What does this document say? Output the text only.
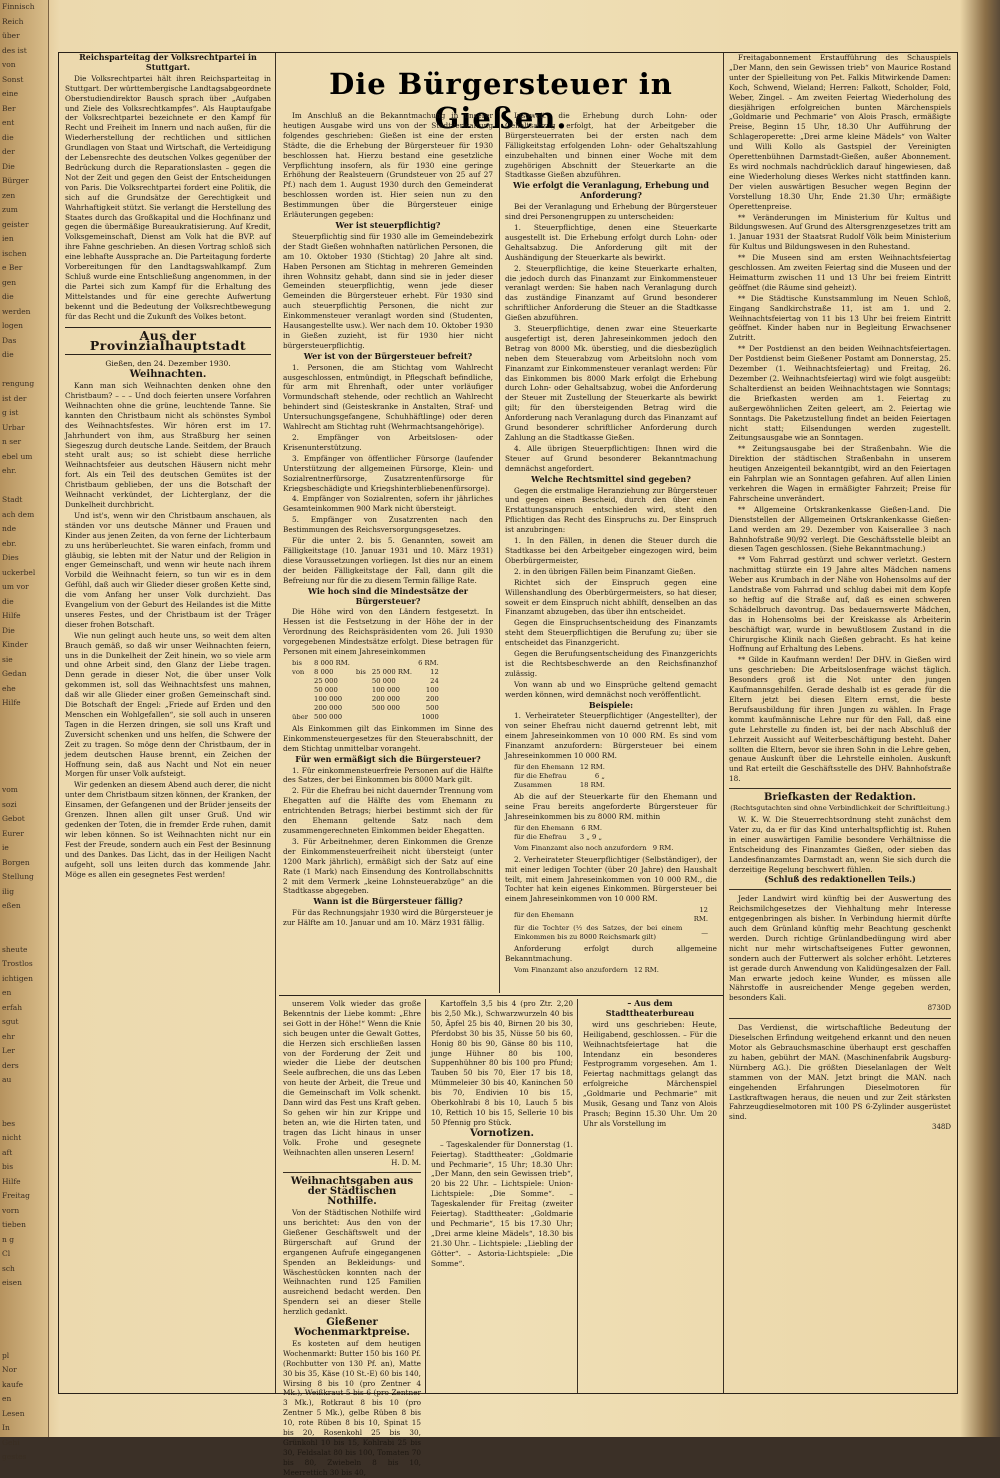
Finnisch

Reich

über

des ist

von

Sonst

eine

Ber

ent

die

der

Die

Bürger

zen

zum

geister

ien

ischen

e Ber

gen

die

werden

logen

Das

die

rengung

ist der

g ist

Urbar

n ser

ebel um

ehr.

Stadt

ach dem

nde

ebr.

Dies

uckerbel

um vor

die

Hilfe

Die

Kinder

sie

Gedan

ehe

Hilfe

vom

sozi

Gebot

Eurer

ie

Borgen

Stellung

ilig

eßen

sheute

Trostlos

ichtigen

en

erfah

sgut

ehr

Ler

ders

au

bes

nicht

aft

bis

Hilfe

Freitag

vorn

tieben

n g

Cl

sch

eisen

pl

Nor

kaufe

en

Lesen

In

Gehi

gestes

Reichsparteitag der Volksrechtpartei in Stuttgart.

Die Volksrechtpartei hält ihren Reichsparteitag in Stuttgart. Der württembergische Landtagsabgeordnete Oberstudiendirektor Bausch sprach über „Aufgaben und Ziele des Volksrechtkampfes“. Als Hauptaufgabe der Volksrechtpartei bezeichnete er den Kampf für Recht und Freiheit im Innern und nach außen, für die Wiederherstellung der rechtlichen und sittlichen Grundlagen von Staat und Wirtschaft, die Verteidigung der Lebensrechte des deutschen Volkes gegenüber der Bedrückung durch die Reparationslasten – gegen die Not der Zeit und gegen den Geist der Entscheidungen von Paris. Die Volksrechtpartei fordert eine Politik, die sich auf die Grundsätze der Gerechtigkeit und Wahrhaftigkeit stützt. Sie verlangt die Herstellung des Staates durch das Großkapital und die Hochfinanz und gegen die übermäßige Bureaukratisierung. Auf Kredit, Volksgemeinschaft, Dienst am Volk hat die BVP. auf ihre Fahne geschrieben. An diesen Vortrag schloß sich eine lebhafte Aussprache an. Die Parteitagung forderte Vorbereitungen für den Landtagswahlkampf. Zum Schluß wurde eine Entschließung angenommen, in der die Partei sich zum Kampf für die Erhaltung des Mittelstandes und für eine gerechte Aufwertung bekennt und die Bedeutung der Volksrechtbewegung für das Recht und die Zukunft des Volkes betont.

Aus der Provinzialhauptstadt

Gießen, den 24. Dezember 1930.

Weihnachten.

Kann man sich Weihnachten denken ohne den Christbaum? – – – Und doch feierten unsere Vorfahren Weihnachten ohne die grüne, leuchtende Tanne. Sie kannten den Christbaum nicht als schönstes Symbol des Weihnachtsfestes. Wir hören erst im 17. Jahrhundert von ihm, aus Straßburg her seinen Siegeszug durch deutsche Lande. Seitdem, der Brauch steht uralt aus; so ist schiebt diese herrliche Weihnachtsfeier aus deutschen Häusern nicht mehr fort. Als ein Teil des deutschen Gemütes ist der Christbaum geblieben, der uns die Botschaft der Weihnacht verkündet, der Lichterglanz, der die Dunkelheit durchbricht.

Und ist's, wenn wir den Christbaum anschauen, als ständen vor uns deutsche Männer und Frauen und Kinder aus jenen Zeiten, da von ferne der Lichterbaum zu uns herüberleuchtet. Sie waren einfach, fromm und gläubig, sie lebten mit der Natur und der Religion in enger Gemeinschaft, und wenn wir heute nach ihrem Vorbild die Weihnacht feiern, so tun wir es in dem Gefühl, daß auch wir Glieder dieser großen Kette sind, die vom Anfang her unser Volk durchzieht. Das Evangelium von der Geburt des Heilandes ist die Mitte unseres Festes, und der Christbaum ist der Träger dieser frohen Botschaft.

Wie nun gelingt auch heute uns, so weit dem alten Brauch gemäß, so daß wir unser Weihnachten feiern, uns in die Dunkelheit der Zeit hinein, wo so viele arm und ohne Arbeit sind, den Glanz der Liebe tragen. Denn gerade in dieser Not, die über unser Volk gekommen ist, soll das Weihnachtsfest uns mahnen, daß wir alle Glieder einer großen Gemeinschaft sind. Die Botschaft der Engel: „Friede auf Erden und den Menschen ein Wohlgefallen“, sie soll auch in unseren Tagen in die Herzen dringen, sie soll uns Kraft und Zuversicht schenken und uns helfen, die Schwere der Zeit zu tragen. So möge denn der Christbaum, der in jedem deutschen Hause brennt, ein Zeichen der Hoffnung sein, daß aus Nacht und Not ein neuer Morgen für unser Volk aufsteigt.

Wir gedenken an diesem Abend auch derer, die nicht unter dem Christbaum sitzen können, der Kranken, der Einsamen, der Gefangenen und der Brüder jenseits der Grenzen. Ihnen allen gilt unser Gruß. Und wir gedenken der Toten, die in fremder Erde ruhen, damit wir leben können. So ist Weihnachten nicht nur ein Fest der Freude, sondern auch ein Fest der Besinnung und des Dankes. Das Licht, das in der Heiligen Nacht aufgeht, soll uns leiten durch das kommende Jahr. Möge es allen ein gesegnetes Fest werden!

Die Bürgersteuer in Gießen.

Im Anschluß an die Bekanntmachung in unserer heutigen Ausgabe wird uns von der Stadtverwaltung folgendes geschrieben: Gießen ist eine der ersten Städte, die die Erhebung der Bürgersteuer für 1930 beschlossen hat. Hierzu bestand eine gesetzliche Verpflichtung insofern, als für 1930 eine geringe Erhöhung der Realsteuern (Grundsteuer von 25 auf 27 Pf.) nach dem 1. August 1930 durch den Gemeinderat beschlossen worden ist. Hier seien nun zu den Bestimmungen über die Bürgersteuer einige Erläuterungen gegeben:

Wer ist steuerpflichtig?

Steuerpflichtig sind für 1930 alle im Gemeindebezirk der Stadt Gießen wohnhaften natürlichen Personen, die am 10. Oktober 1930 (Stichtag) 20 Jahre alt sind. Haben Personen am Stichtag in mehreren Gemeinden ihren Wohnsitz gehabt, dann sind sie in jeder dieser Gemeinden steuerpflichtig, wenn jede dieser Gemeinden die Bürgersteuer erhebt. Für 1930 sind auch steuerpflichtig Personen, die nicht zur Einkommensteuer veranlagt worden sind (Studenten, Hausangestellte usw.). Wer nach dem 10. Oktober 1930 in Gießen zuzieht, ist für 1930 hier nicht bürgersteuerpflichtig.

Wer ist von der Bürgersteuer befreit?

1. Personen, die am Stichtag vom Wahlrecht ausgeschlossen, entmündigt, in Pflegschaft befindliche, für arm mit Ehrenhaft, oder unter vorläufiger Vormundschaft stehende, oder rechtlich an Wahlrecht behindert sind (Geisteskranke in Anstalten, Straf- und Untersuchungsgefangene, Schuhhäftlinge) oder deren Wahlrecht am Stichtag ruht (Wehrmachtsangehörige).

2. Empfänger von Arbeitslosen- oder Krisenunterstützung.

3. Empfänger von öffentlicher Fürsorge (laufender Unterstützung der allgemeinen Fürsorge, Klein- und Sozialrentnerfürsorge, Zusatzrentenfürsorge für Kriegsbeschädigte und Kriegshinterbliebenenfürsorge).

4. Empfänger von Sozialrenten, sofern ihr jährliches Gesamteinkommen 900 Mark nicht übersteigt.

5. Empfänger von Zusatzrenten nach den Bestimmungen des Reichsversorgungsgesetzes.

Für die unter 2. bis 5. Genannten, soweit am Fälligkeitstage (10. Januar 1931 und 10. März 1931) diese Voraussetzungen vorliegen. Ist dies nur an einem der beiden Fälligkeitstage der Fall, dann gilt die Befreiung nur für die zu diesem Termin fällige Rate.

Wie hoch sind die Mindestsätze der Bürgersteuer?

Die Höhe wird von den Ländern festgesetzt. In Hessen ist die Festsetzung in der Höhe der in der Verordnung des Reichspräsidenten vom 26. Juli 1930 vorgegebenen Mindestsätze erfolgt. Diese betragen für Personen mit einem Jahreseinkommen

bis	8 000 RM.			6 RM.
von	8 000	bis	25 000 RM.	12
	25 000		50 000	24
	50 000		100 000	100
	100 000		200 000	200
	200 000		500 000	500
über	500 000			1000

Als Einkommen gilt das Einkommen im Sinne des Einkommensteuergesetzes für den Steuerabschnitt, der dem Stichtag unmittelbar vorangeht.

Für wen ermäßigt sich die Bürgersteuer?

1. Für einkommensteuerfreie Personen auf die Hälfte des Satzes, der bei Einkommen bis 8000 Mark gilt.

2. Für die Ehefrau bei nicht dauernder Trennung vom Ehegatten auf die Hälfte des vom Ehemann zu entrichtenden Betrags; hierbei bestimmt sich der für den Ehemann geltende Satz nach dem zusammengerechneten Einkommen beider Ehegatten.

3. Für Arbeitnehmer, deren Einkommen die Grenze der Einkommensteuerfreiheit nicht übersteigt (unter 1200 Mark jährlich), ermäßigt sich der Satz auf eine Rate (1 Mark) nach Einsendung des Kontrollabschnitts 2 mit dem Vermerk „keine Lohnsteuerabzüge“ an die Stadtkasse abgegeben.

Wann ist die Bürgersteuer fällig?

Für das Rechnungsjahr 1930 wird die Bürgersteuer je zur Hälfte am 10. Januar und am 10. März 1931 fällig.

Insoweit die Erhebung durch Lohn- oder Gehaltsabzug erfolgt, hat der Arbeitgeber die Bürgersteuerraten bei der ersten nach dem Fälligkeitstag erfolgenden Lohn- oder Gehaltszahlung einzubehalten und binnen einer Woche mit dem zugehörigen Abschnitt der Steuerkarte an die Stadtkasse Gießen abzuführen.

Wie erfolgt die Veranlagung, Erhebung und Anforderung?

Bei der Veranlagung und Erhebung der Bürgersteuer sind drei Personengruppen zu unterscheiden:

1. Steuerpflichtige, denen eine Steuerkarte ausgestellt ist. Die Erhebung erfolgt durch Lohn- oder Gehaltsabzug. Die Anforderung gilt mit der Aushändigung der Steuerkarte als bewirkt.

2. Steuerpflichtige, die keine Steuerkarte erhalten, die jedoch durch das Finanzamt zur Einkommensteuer veranlagt werden: Sie haben nach Veranlagung durch das zuständige Finanzamt auf Grund besonderer schriftlicher Anforderung die Steuer an die Stadtkasse Gießen abzuführen.

3. Steuerpflichtige, denen zwar eine Steuerkarte ausgefertigt ist, deren Jahreseinkommen jedoch den Betrag von 8000 Mk. überstieg, und die diesbezüglich neben dem Steuerabzug vom Arbeitslohn noch vom Finanzamt zur Einkommensteuer veranlagt werden: Für das Einkommen bis 8000 Mark erfolgt die Erhebung durch Lohn- oder Gehaltsabzug, wobei die Anforderung der Steuer mit Zustellung der Steuerkarte als bewirkt gilt; für den übersteigenden Betrag wird die Anforderung nach Veranlagung durch das Finanzamt auf Grund besonderer schriftlicher Anforderung durch Zahlung an die Stadtkasse Gießen.

4. Alle übrigen Steuerpflichtigen: Ihnen wird die Steuer auf Grund besonderer Bekanntmachung demnächst angefordert.

Welche Rechtsmittel sind gegeben?

Gegen die erstmalige Heranziehung zur Bürgersteuer und gegen einen Bescheid, durch den über einen Erstattungsanspruch entschieden wird, steht den Pflichtigen das Recht des Einspruchs zu. Der Einspruch ist anzubringen:

1. In den Fällen, in denen die Steuer durch die Stadtkasse bei den Arbeitgeber eingezogen wird, beim Oberbürgermeister,

2. in den übrigen Fällen beim Finanzamt Gießen.

Richtet sich der Einspruch gegen eine Willenshandlung des Oberbürgermeisters, so hat dieser, soweit er dem Einspruch nicht abhilft, denselben an das Finanzamt abzugeben, das über ihn entscheidet.

Gegen die Einspruchsentscheidung des Finanzamts steht dem Steuerpflichtigen die Berufung zu; über sie entscheidet das Finanzgericht.

Gegen die Berufungsentscheidung des Finanzgerichts ist die Rechtsbeschwerde an den Reichsfinanzhof zulässig.

Von wann ab und wo Einsprüche geltend gemacht werden können, wird demnächst noch veröffentlicht.

Beispiele:

1. Verheirateter Steuerpflichtiger (Angestellter), der von seiner Ehefrau nicht dauernd getrennt lebt, mit einem Jahreseinkommen von 10 000 RM. Es sind vom Finanzamt anzufordern: Bürgersteuer bei einem Jahreseinkommen 10 000 RM.

für den Ehemann	12 RM.
für die Ehefrau	6 „
Zusammen	18 RM.

Ab die auf der Steuerkarte für den Ehemann und seine Frau bereits angeforderte Bürgersteuer für Jahreseinkommen bis zu 8000 RM. mithin

für den Ehemann	6 RM.
für die Ehefrau	3 „ 9 „
Vom Finanzamt also noch anzufordern	9 RM.

2. Verheirateter Steuerpflichtiger (Selbständiger), der mit einer ledigen Tochter (über 20 Jahre) den Haushalt teilt, mit einem Jahreseinkommen von 10 000 RM., die Tochter hat kein eigenes Einkommen. Bürgersteuer bei einem Jahreseinkommen von 10 000 RM.

für den Ehemann	12 RM.
für die Tochter (½ des Satzes, der bei einem Einkommen bis zu 8000 Reichsmark gilt)	—

Anforderung erfolgt durch allgemeine Bekanntmachung.

Vom Finanzamt also anzufordern	12 RM.

unserem Volk wieder das große Bekenntnis der Liebe kommt: „Ehre sei Gott in der Höhe!“ Wenn die Knie sich beugen unter die Gewalt Gottes, die Herzen sich erschließen lassen von der Forderung der Zeit und wieder die Liebe der deutschen Seele aufbrechen, die uns das Leben von heute der Arbeit, die Treue und die Gemeinschaft im Volk schenkt. Dann wird das Fest uns Kraft geben. So gehen wir hin zur Krippe und beten an, wie die Hirten taten, und tragen das Licht hinaus in unser Volk. Frohe und gesegnete Weihnachten allen unseren Lesern!

H. D. M.

Weihnachtsgaben aus der Städtischen Nothilfe.

Von der Städtischen Nothilfe wird uns berichtet: Aus den von der Gießener Geschäftswelt und der Bürgerschaft auf Grund der ergangenen Aufrufe eingegangenen Spenden an Bekleidungs- und Wäschestücken konnten nach der Weihnachten rund 125 Familien ausreichend bedacht werden. Den Spendern sei an dieser Stelle herzlich gedankt.

Gießener Wochenmarktpreise.

Es kosteten auf dem heutigen Wochenmarkt: Butter 150 bis 160 Pf. (Rochbutter von 130 Pf. an), Matte 30 bis 35, Käse (10 St.-E) 60 bis 140, Wirsing 8 bis 10 (pro Zentner 4 Mk.), Weißkraut 5 bis 6 (pro Zentner 3 Mk.), Rotkraut 8 bis 10 (pro Zentner 5 Mk.), gelbe Rüben 8 bis 10, rote Rüben 8 bis 10, Spinat 15 bis 20, Rosenkohl 25 bis 30, Grünkohl 10 bis 15, Kohlrabi 25 bis 30, Feldsalat 80 bis 100, Tomaten 70 bis 80, Zwiebeln 8 bis 10, Meerrettich 30 bis 40,

Kartoffeln 3,5 bis 4 (pro Ztr. 2,20 bis 2,50 Mk.), Schwarzwurzeln 40 bis 50, Äpfel 25 bis 40, Birnen 20 bis 30, Pferdobst 30 bis 35, Nüsse 50 bis 60, Honig 80 bis 90, Gänse 80 bis 110, junge Hühner 80 bis 100, Suppenhühner 80 bis 100 pro Pfund; Tauben 50 bis 70, Eier 17 bis 18, Mümmeleier 30 bis 40, Kaninchen 50 bis 70, Endivien 10 bis 15, Oberkohlrabi 8 bis 10, Lauch 5 bis 10, Rettich 10 bis 15, Sellerie 10 bis 50 Pfennig pro Stück.

Vornotizen.

– Tageskalender für Donnerstag (1. Feiertag). Stadttheater: „Goldmarie und Pechmarie“, 15 Uhr; 18.30 Uhr: „Der Mann, den sein Gewissen trieb“, 20 bis 22 Uhr. – Lichtspiele: Union-Lichtspiele: „Die Somme“. – Tageskalender für Freitag (zweiter Feiertag). Stadttheater: „Goldmarie und Pechmarie“, 15 bis 17.30 Uhr; „Drei arme kleine Mädels“, 18.30 bis 21.30 Uhr. – Lichtspiele: „Liebling der Götter“. – Astoria-Lichtspiele: „Die Somme“.

– Aus dem Stadttheaterbureau

wird uns geschrieben: Heute, Heiligabend, geschlossen. – Für die Weihnachtsfeiertage hat die Intendanz ein besonderes Festprogramm vorgesehen. Am 1. Feiertag nachmittags gelangt das erfolgreiche Märchenspiel „Goldmarie und Pechmarie“ mit Musik, Gesang und Tanz von Alois Prasch; Beginn 15.30 Uhr. Um 20 Uhr als Vorstellung im

Freitagabonnement Erstaufführung des Schauspiels „Der Mann, den sein Gewissen trieb“ von Maurice Rostand unter der Spielleitung von Pet. Falkis Mitwirkende Damen: Koch, Schwend, Wieland; Herren: Falkott, Scholder, Fold, Weber, Zingel. – Am zweiten Feiertag Wiederholung des diesjährigen erfolgreichen bunten Märchenspiels „Goldmarie und Pechmarie“ von Alois Prasch, ermäßigte Preise, Beginn 15 Uhr, 18.30 Uhr Aufführung der Schlageroperette: „Drei arme kleine Mädels“ von Walter und Willi Kollo als Gastspiel der Vereinigten Operettenbühnen Darmstadt-Gießen, außer Abonnement. Es wird nochmals nachdrücklich darauf hingewiesen, daß eine Wiederholung dieses Werkes nicht stattfinden kann. Der vielen auswärtigen Besucher wegen Beginn der Vorstellung 18.30 Uhr, Ende 21.30 Uhr; ermäßigte Operettenpreise.

** Veränderungen im Ministerium für Kultus und Bildungswesen. Auf Grund des Altersgrenzgesetzes tritt am 1. Januar 1931 der Staatsrat Rudolf Völk beim Ministerium für Kultus und Bildungswesen in den Ruhestand.

** Die Museen sind am ersten Weihnachtsfeiertag geschlossen. Am zweiten Feiertag sind die Museen und der Heimatturm zwischen 11 und 13 Uhr bei freiem Eintritt geöffnet (die Räume sind geheizt).

** Die Städtische Kunstsammlung im Neuen Schloß, Eingang Sandkirchstraße 11, ist am 1. und 2. Weihnachtsfeiertag von 11 bis 13 Uhr bei freiem Eintritt geöffnet. Kinder haben nur in Begleitung Erwachsener Zutritt.

** Der Postdienst an den beiden Weihnachtsfeiertagen. Der Postdienst beim Gießener Postamt am Donnerstag, 25. Dezember (1. Weihnachtsfeiertag) und Freitag, 26. Dezember (2. Weihnachtsfeiertag) wird wie folgt ausgeübt: Schalterdienst an beiden Weihnachtstagen wie Sonntags; die Briefkasten werden am 1. Feiertag zu außergewöhnlichen Zeiten geleert, am 2. Feiertag wie Sonntags. Die Paketzustellung findet an beiden Feiertagen nicht statt; Eilsendungen werden zugestellt. Zeitungsausgabe wie an Sonntagen.

** Zeitungsausgabe bei der Straßenbahn. Wie die Direktion der städtischen Straßenbahn in unserem heutigen Anzeigenteil bekanntgibt, wird an den Feiertagen ein Fahrplan wie an Sonntagen gefahren. Auf allen Linien verkehren die Wagen in ermäßigter Fahrzeit; Preise für Fahrscheine unverändert.

** Allgemeine Ortskrankenkasse Gießen-Land. Die Dienststellen der Allgemeinen Ortskrankenkasse Gießen-Land werden am 29. Dezember von Kaiserallee 3 nach Bahnhofstraße 90/92 verlegt. Die Geschäftsstelle bleibt an diesen Tagen geschlossen. (Siehe Bekanntmachung.)

** Vom Fahrrad gestürzt und schwer verletzt. Gestern nachmittag stürzte ein 19 Jahre altes Mädchen namens Weber aus Krumbach in der Nähe von Hohensolms auf der Landstraße vom Fahrrad und schlug dabei mit dem Kopfe so heftig auf die Straße auf, daß es einen schweren Schädelbruch davontrug. Das bedauernswerte Mädchen, das in Hohensolms bei der Kreiskasse als Arbeiterin beschäftigt war, wurde in bewußtlosem Zustand in die Chirurgische Klinik nach Gießen gebracht. Es hat keine Hoffnung auf Erhaltung des Lebens.

** Gilde in Kaufmann werden! Der DHV. in Gießen wird uns geschrieben: Die Arbeitslosenfrage wächst täglich. Besonders groß ist die Not unter den jungen Kaufmannsgehilfen. Gerade deshalb ist es gerade für die Eltern jetzt bei diesen Eltern ernst, die beste Berufsausbildung für ihren Jungen zu wählen. In Frage kommt kaufmännische Lehre nur für den Fall, daß eine gute Lehrstelle zu finden ist, bei der nach Abschluß der Lehrzeit Aussicht auf Weiterbeschäftigung besteht. Daher sollten die Eltern, bevor sie ihren Sohn in die Lehre geben, genaue Auskunft über die Lehrstelle einholen. Auskunft und Rat erteilt die Geschäftsstelle des DHV. Bahnhofstraße 18.

Briefkasten der Redaktion.

(Rechtsgutachten sind ohne Verbindlichkeit der Schriftleitung.)

W. K. W. Die Steuerrechtsordnung steht zunächst dem Vater zu, da er für das Kind unterhaltspflichtig ist. Ruhen in einer auswärtigen Familie besondere Verhältnisse die Entscheidung des Finanzamtes Gießen, oder sieben das Landesfinanzamtes Darmstadt an, wenn Sie sich durch die derzeitige Regelung beschwert fühlen.

(Schluß des redaktionellen Teils.)

Jeder Landwirt wird künftig bei der Auswertung des Reichsmilchgesetzes der Viehhaltung mehr Interesse entgegenbringen als bisher. In Verbindung hiermit dürfte auch dem Grünland künftig mehr Beachtung geschenkt werden. Durch richtige Grünlandbedüngung wird aber nicht nur mehr wirtschaftseigenes Futter gewonnen, sondern auch der Futterwert als solcher erhöht. Letzteres ist gerade durch Anwendung von Kalidüngesalzen der Fall. Man erwarte jedoch keine Wunder, es müssen alle Nährstoffe in ausreichender Menge gegeben werden, besonders Kali.

8730D

Das Verdienst, die wirtschaftliche Bedeutung der Dieselschen Erfindung weitgehend erkannt und den neuen Motor als Gebrauchsmaschine überhaupt erst geschaffen zu haben, gebührt der MAN. (Maschinenfabrik Augsburg-Nürnberg AG.). Die größten Dieselanlagen der Welt stammen von der MAN. Jetzt bringt die MAN. nach eingehenden Erfahrungen Dieselmotoren für Lastkraftwagen heraus, die neuen und zur Zeit stärksten Fahrzeugdieselmotoren mit 100 PS 6-Zylinder ausgerüstet sind.

348D
